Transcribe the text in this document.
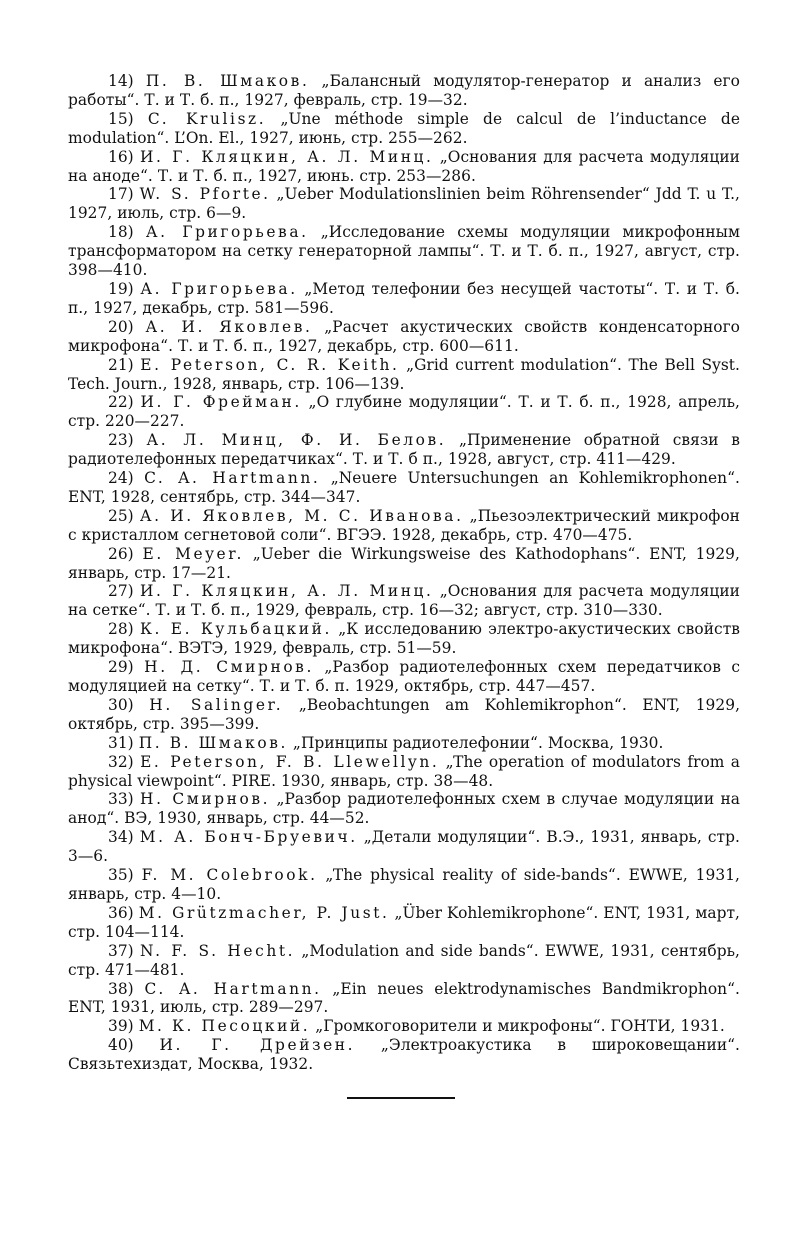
14) П. В. Шмаков. „Балансный модулятор-генератор и анализ его работы“. Т. и Т. б. п., 1927, февраль, стр. 19—32.

15) C. Krulisz. „Une méthode simple de calcul de l’inductance de modulation“. L’On. El., 1927, июнь, стр. 255—262.

16) И. Г. Кляцкин, А. Л. Минц. „Основания для расчета модуляции на аноде“. Т. и Т. б. п., 1927, июнь. стр. 253—286.

17) W. S. Pforte. „Ueber Modulationslinien beim Röhrensender“ Jdd T. u T., 1927, июль, стр. 6—9.

18) А. Григорьева. „Исследование схемы модуляции микрофонным трансформатором на сетку генераторной лампы“. Т. и Т. б. п., 1927, август, стр. 398—410.

19) А. Григорьева. „Метод телефонии без несущей частоты“. Т. и Т. б. п., 1927, декабрь, стр. 581—596.

20) А. И. Яковлев. „Расчет акустических свойств конденсаторного микрофона“. Т. и Т. б. п., 1927, декабрь, стр. 600—611.

21) E. Peterson, C. R. Keith. „Grid current modulation“. The Bell Syst. Tech. Journ., 1928, январь, стр. 106—139.

22) И. Г. Фрейман. „О глубине модуляции“. Т. и Т. б. п., 1928, апрель, стр. 220—227.

23) А. Л. Минц, Ф. И. Белов. „Применение обратной связи в радиотелефонных передатчиках“. Т. и Т. б п., 1928, август, стр. 411—429.

24) C. A. Hartmann. „Neuere Untersuchungen an Kohlemikrophonen“. ENT, 1928, сентябрь, стр. 344—347.

25) А. И. Яковлев, М. С. Иванова. „Пьезоэлектрический микрофон с кристаллом сегнетовой соли“. ВГЭЭ. 1928, декабрь, стр. 470—475.

26) E. Meyer. „Ueber die Wirkungsweise des Kathodophans“. ENT, 1929, январь, стр. 17—21.

27) И. Г. Кляцкин, А. Л. Минц. „Основания для расчета модуляции на сетке“. Т. и Т. б. п., 1929, февраль, стр. 16—32; август, стр. 310—330.

28) К. Е. Кульбацкий. „К исследованию электро-акустических свойств микрофона“. ВЭТЭ, 1929, февраль, стр. 51—59.

29) Н. Д. Смирнов. „Разбор радиотелефонных схем передатчиков с модуляцией на сетку“. Т. и Т. б. п. 1929, октябрь, стр. 447—457.

30) H. Salinger. „Beobachtungen am Kohlemikrophon“. ENT, 1929, октябрь, стр. 395—399.

31) П. В. Шмаков. „Принципы радиотелефонии“. Москва, 1930.

32) E. Peterson, F. B. Llewellyn. „The operation of modulators from a physical viewpoint“. PIRE. 1930, январь, стр. 38—48.

33) Н. Смирнов. „Разбор радиотелефонных схем в случае модуляции на анод“. ВЭ, 1930, январь, стр. 44—52.

34) М. А. Бонч-Бруевич. „Детали модуляции“. В.Э., 1931, январь, стр. 3—6.

35) F. M. Colebrook. „The physical reality of side-bands“. EWWE, 1931, январь, стр. 4—10.

36) M. Grützmacher, P. Just. „Über Kohlemikrophone“. ENT, 1931, март, стр. 104—114.

37) N. F. S. Hecht. „Modulation and side bands“. EWWE, 1931, сентябрь, стр. 471—481.

38) C. A. Hartmann. „Ein neues elektrodynamisches Bandmikrophon“. ENT, 1931, июль, стр. 289—297.

39) М. К. Песоцкий. „Громкоговорители и микрофоны“. ГОНТИ, 1931.

40) И. Г. Дрейзен. „Электроакустика в широковещании“. Связьтехиздат, Москва, 1932.
